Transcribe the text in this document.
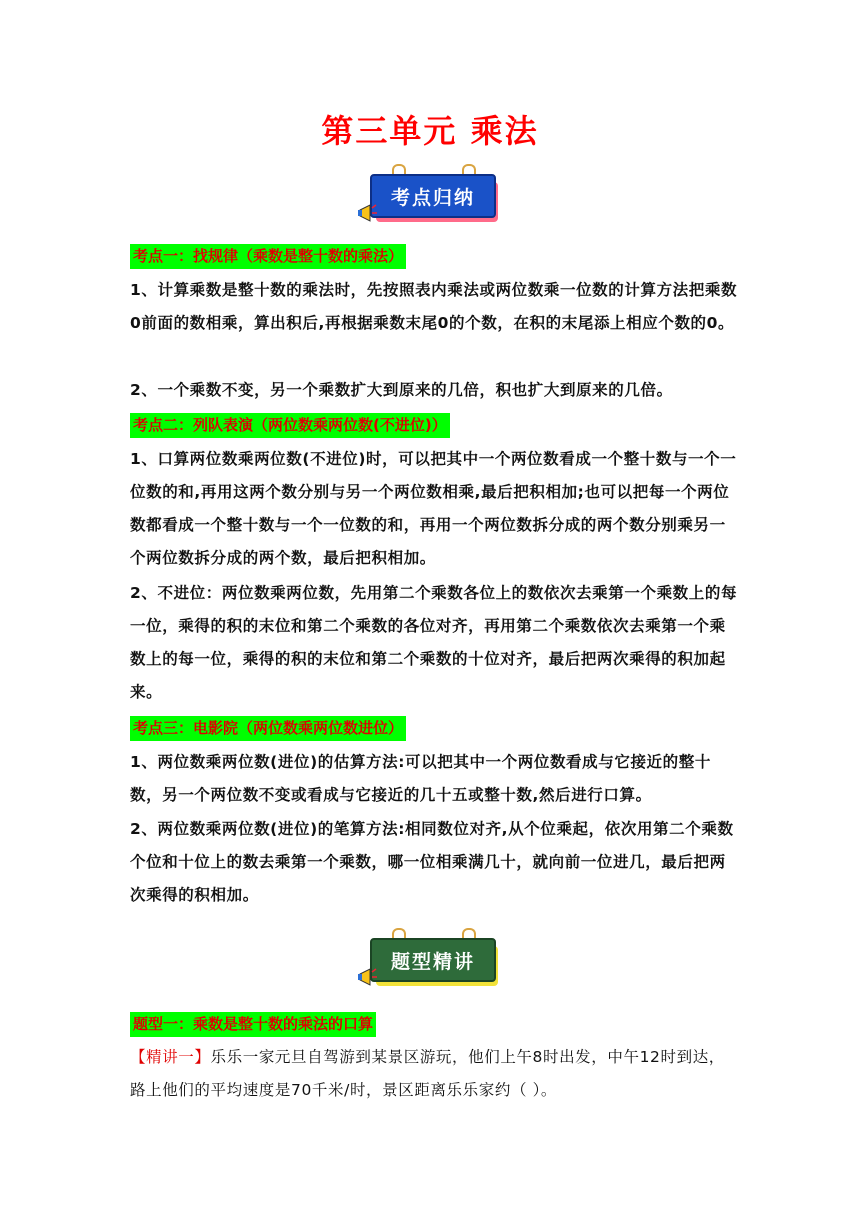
第三单元 乘法
考点归纳
考点一：找规律（乘数是整十数的乘法）

1、计算乘数是整十数的乘法时，先按照表内乘法或两位数乘一位数的计算方法把乘数0前面的数相乘，算出积后,再根据乘数末尾0的个数，在积的末尾添上相应个数的0。

2、一个乘数不变，另一个乘数扩大到原来的几倍，积也扩大到原来的几倍。

考点二：列队表演（两位数乘两位数(不进位)）

1、口算两位数乘两位数(不进位)时，可以把其中一个两位数看成一个整十数与一个一位数的和,再用这两个数分别与另一个两位数相乘,最后把积相加;也可以把每一个两位数都看成一个整十数与一个一位数的和，再用一个两位数拆分成的两个数分别乘另一个两位数拆分成的两个数，最后把积相加。

2、不进位：两位数乘两位数，先用第二个乘数各位上的数依次去乘第一个乘数上的每一位，乘得的积的末位和第二个乘数的各位对齐，再用第二个乘数依次去乘第一个乘数上的每一位，乘得的积的末位和第二个乘数的十位对齐，最后把两次乘得的积加起来。

考点三：电影院（两位数乘两位数进位）

1、两位数乘两位数(进位)的估算方法:可以把其中一个两位数看成与它接近的整十数，另一个两位数不变或看成与它接近的几十五或整十数,然后进行口算。

2、两位数乘两位数(进位)的笔算方法:相同数位对齐,从个位乘起，依次用第二个乘数个位和十位上的数去乘第一个乘数，哪一位相乘满几十，就向前一位进几，最后把两次乘得的积相加。

题型精讲
题型一：乘数是整十数的乘法的口算

【精讲一】乐乐一家元旦自驾游到某景区游玩，他们上午8时出发，中午12时到达，路上他们的平均速度是70千米/时，景区距离乐乐家约（ ）。
